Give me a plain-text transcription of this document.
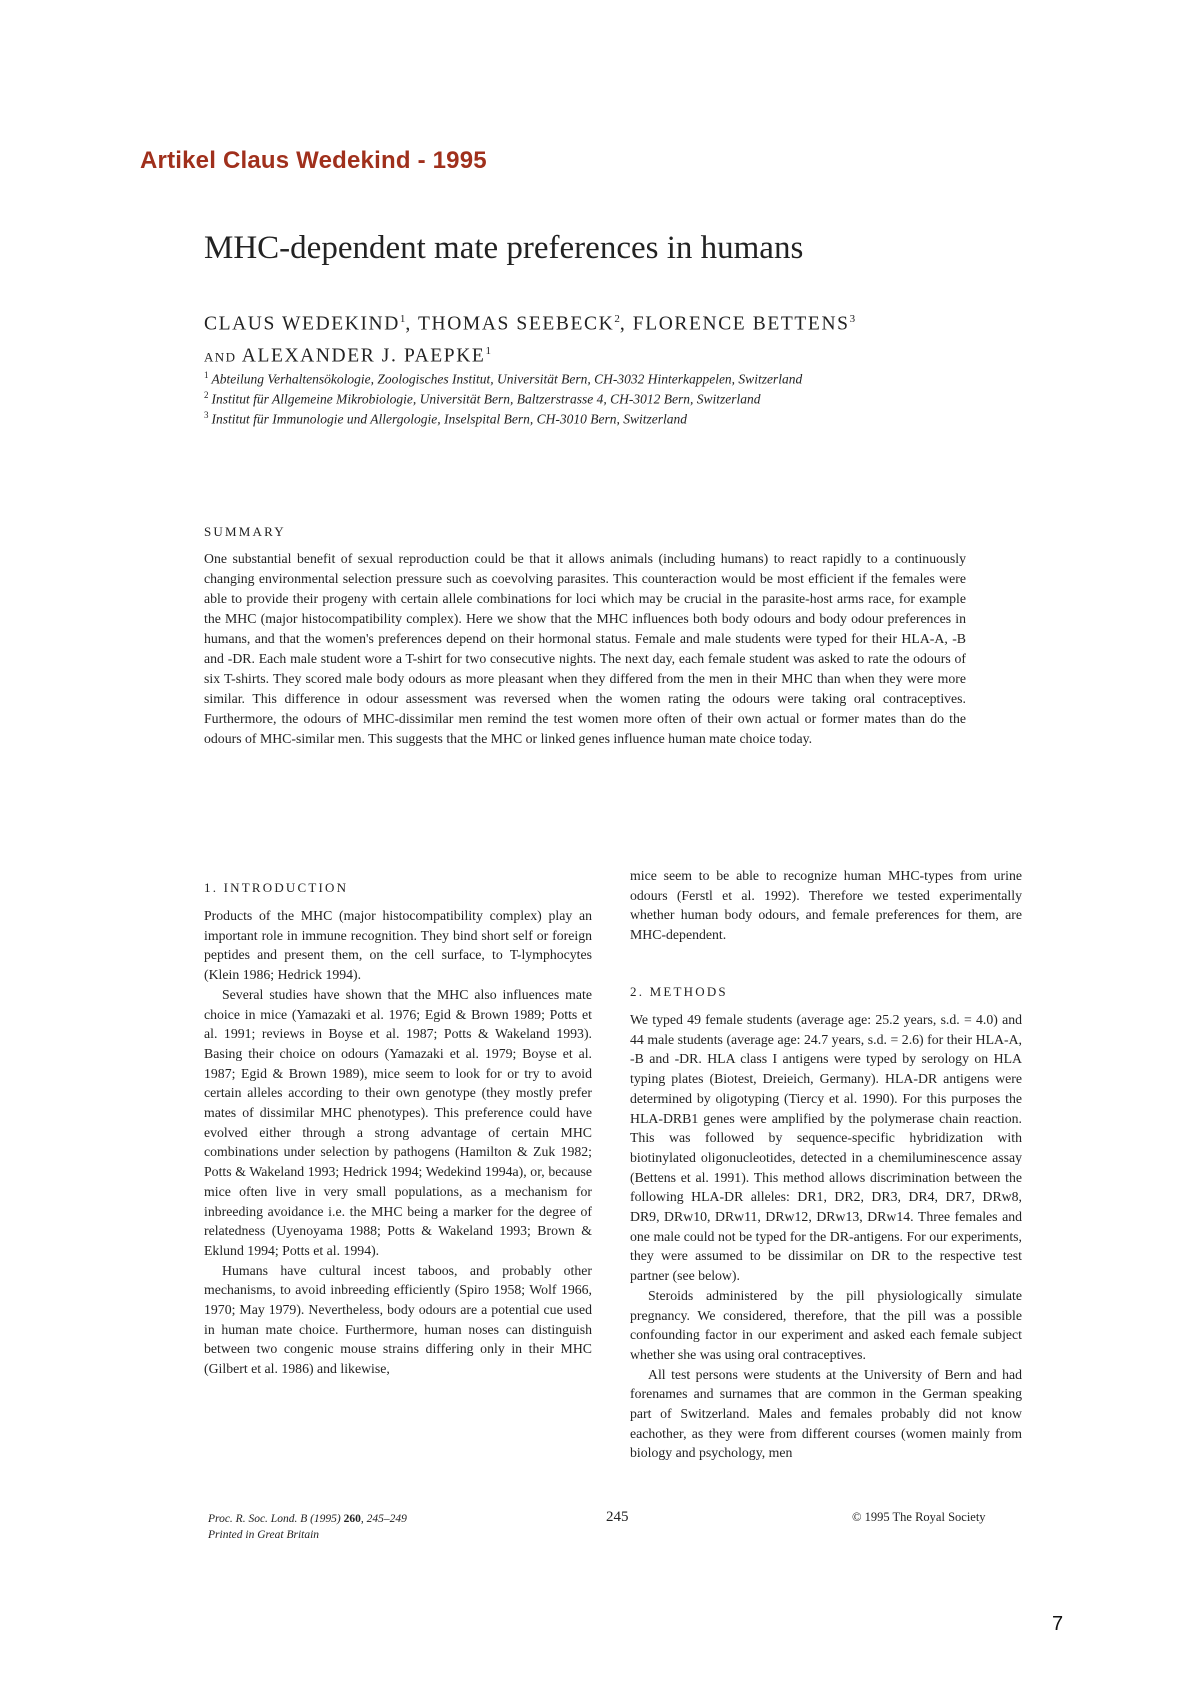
Artikel Claus Wedekind - 1995
MHC-dependent mate preferences in humans
CLAUS WEDEKIND$^1$, THOMAS SEEBECK$^2$, FLORENCE BETTENS$^3$
AND ALEXANDER J. PAEPKE$^1$
$^1$ Abteilung Verhaltensökologie, Zoologisches Institut, Universität Bern, CH-3032 Hinterkappelen, Switzerland
$^2$ Institut für Allgemeine Mikrobiologie, Universität Bern, Baltzerstrasse 4, CH-3012 Bern, Switzerland
$^3$ Institut für Immunologie und Allergologie, Inselspital Bern, CH-3010 Bern, Switzerland
SUMMARY
One substantial benefit of sexual reproduction could be that it allows animals (including humans) to react rapidly to a continuously changing environmental selection pressure such as coevolving parasites. This counteraction would be most efficient if the females were able to provide their progeny with certain allele combinations for loci which may be crucial in the parasite-host arms race, for example the MHC (major histocompatibility complex). Here we show that the MHC influences both body odours and body odour preferences in humans, and that the women's preferences depend on their hormonal status. Female and male students were typed for their HLA-A, -B and -DR. Each male student wore a T-shirt for two consecutive nights. The next day, each female student was asked to rate the odours of six T-shirts. They scored male body odours as more pleasant when they differed from the men in their MHC than when they were more similar. This difference in odour assessment was reversed when the women rating the odours were taking oral contraceptives. Furthermore, the odours of MHC-dissimilar men remind the test women more often of their own actual or former mates than do the odours of MHC-similar men. This suggests that the MHC or linked genes influence human mate choice today.
1. INTRODUCTION

Products of the MHC (major histocompatibility complex) play an important role in immune recognition. They bind short self or foreign peptides and present them, on the cell surface, to T-lymphocytes (Klein 1986; Hedrick 1994).

Several studies have shown that the MHC also influences mate choice in mice (Yamazaki et al. 1976; Egid & Brown 1989; Potts et al. 1991; reviews in Boyse et al. 1987; Potts & Wakeland 1993). Basing their choice on odours (Yamazaki et al. 1979; Boyse et al. 1987; Egid & Brown 1989), mice seem to look for or try to avoid certain alleles according to their own genotype (they mostly prefer mates of dissimilar MHC phenotypes). This preference could have evolved either through a strong advantage of certain MHC combinations under selection by pathogens (Hamilton & Zuk 1982; Potts & Wakeland 1993; Hedrick 1994; Wedekind 1994a), or, because mice often live in very small populations, as a mechanism for inbreeding avoidance i.e. the MHC being a marker for the degree of relatedness (Uyenoyama 1988; Potts & Wakeland 1993; Brown & Eklund 1994; Potts et al. 1994).

Humans have cultural incest taboos, and probably other mechanisms, to avoid inbreeding efficiently (Spiro 1958; Wolf 1966, 1970; May 1979). Nevertheless, body odours are a potential cue used in human mate choice. Furthermore, human noses can distinguish between two congenic mouse strains differing only in their MHC (Gilbert et al. 1986) and likewise,

mice seem to be able to recognize human MHC-types from urine odours (Ferstl et al. 1992). Therefore we tested experimentally whether human body odours, and female preferences for them, are MHC-dependent.

2. METHODS

We typed 49 female students (average age: 25.2 years, s.d. = 4.0) and 44 male students (average age: 24.7 years, s.d. = 2.6) for their HLA-A, -B and -DR. HLA class I antigens were typed by serology on HLA typing plates (Biotest, Dreieich, Germany). HLA-DR antigens were determined by oligotyping (Tiercy et al. 1990). For this purposes the HLA-DRB1 genes were amplified by the polymerase chain reaction. This was followed by sequence-specific hybridization with biotinylated oligonucleotides, detected in a chemiluminescence assay (Bettens et al. 1991). This method allows discrimination between the following HLA-DR alleles: DR1, DR2, DR3, DR4, DR7, DRw8, DR9, DRw10, DRw11, DRw12, DRw13, DRw14. Three females and one male could not be typed for the DR-antigens. For our experiments, they were assumed to be dissimilar on DR to the respective test partner (see below).

Steroids administered by the pill physiologically simulate pregnancy. We considered, therefore, that the pill was a possible confounding factor in our experiment and asked each female subject whether she was using oral contraceptives.

All test persons were students at the University of Bern and had forenames and surnames that are common in the German speaking part of Switzerland. Males and females probably did not know eachother, as they were from different courses (women mainly from biology and psychology, men

Proc. R. Soc. Lond. B (1995) 260, 245–249
Printed in Great Britain
245	© 1995 The Royal Society
7
